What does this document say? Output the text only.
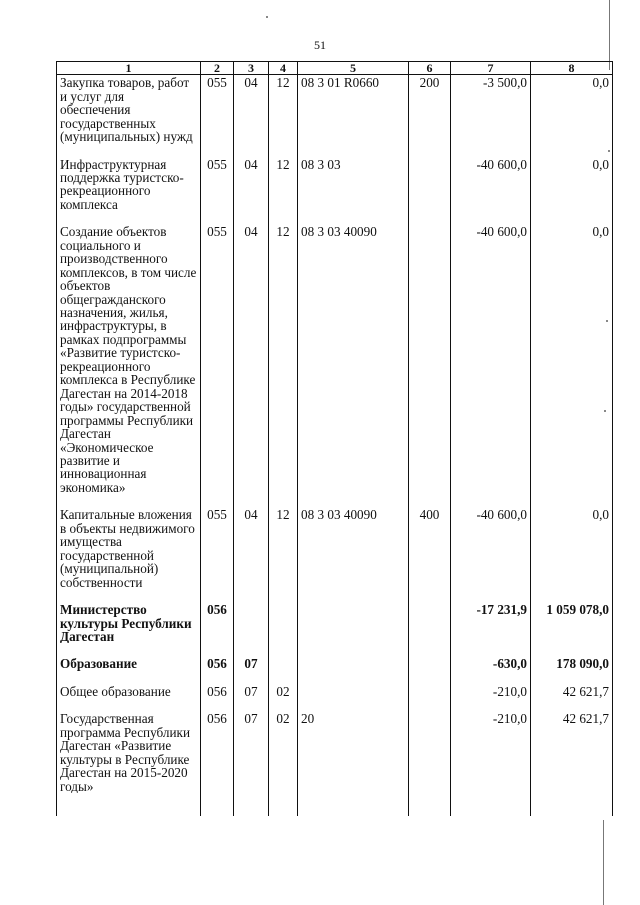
51
1	2	3	4	5	6	7	8
Закупка товаров, работ и услуг для обеспечения государственных (муниципальных) нужд	055	04	12	08 3 01 R0660	200	-3 500,0	0,0

Инфраструктурная поддержка туристско-рекреационного комплекса	055	04	12	08 3 03		-40 600,0	0,0

Создание объектов социального и производственного комплексов, в том числе объектов общегражданского назначения, жилья, инфраструктуры, в рамках подпрограммы «Развитие туристско-рекреационного комплекса в Республике Дагестан на 2014-2018 годы» государственной программы Республики Дагестан «Экономическое развитие и инновационная экономика»	055	04	12	08 3 03 40090		-40 600,0	0,0

Капитальные вложения в объекты недвижимого имущества государственной (муниципальной) собственности	055	04	12	08 3 03 40090	400	-40 600,0	0,0

Министерство культуры Республики Дагестан	056					-17 231,9	1 059 078,0

Образование	056	07				-630,0	178 090,0

Общее образование	056	07	02			-210,0	42 621,7

Государственная программа Республики Дагестан «Развитие культуры в Республике Дагестан на 2015-2020 годы»	056	07	02	20		-210,0	42 621,7
